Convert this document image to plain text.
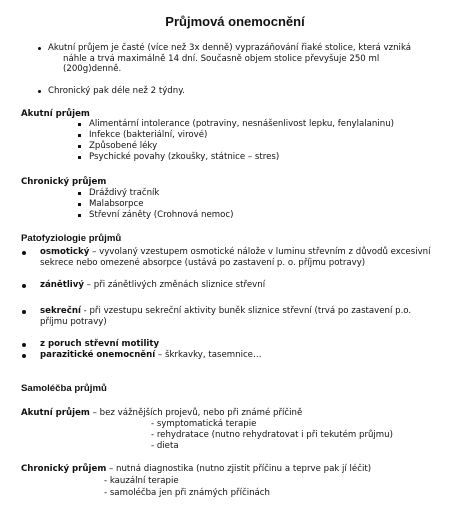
Průjmová onemocnění
Akutní průjem je časté (více než 3x denně) vyprazáňování řiaké stolice, která vzniká
náhle a trvá maximálně 14 dní. Současně objem stolice převyšuje 250 ml
(200g)denně.
Chronický pak déle než 2 týdny.
Akutní průjem
Alimentární intolerance (potraviny, nesnášenlivost lepku, fenylalaninu)
Infekce (bakteriální, virové)
Způsobené léky
Psychické povahy (zkoušky, státnice – stres)
Chronický průjem
Dráždivý tračník
Malabsorpce
Střevní záněty (Crohnová nemoc)
Patofyziologie průjmů
osmotický – vyvolaný vzestupem osmotické nálože v luminu střevním z důvodů excesivní
sekrece nebo omezené absorpce (ustává po zastavení p. o. příjmu potravy)
zánětlivý – při zánětlivých změnách sliznice střevní
sekreční - při vzestupu sekreční aktivity buněk sliznice střevní (trvá po zastavení p.o.
příjmu potravy)
z poruch střevní motility
parazitické onemocnění – škrkavky, tasemnice…
Samoléčba průjmů
Akutní průjem – bez vážnějších projevů, nebo při známé příčině
- symptomatická terapie
- rehydratace (nutno rehydratovat i při tekutém průjmu)
- dieta
Chronický průjem – nutná diagnostika (nutno zjistit příčinu a teprve pak jí léčit)
- kauzální terapie
- samoléčba jen při známých příčinách
